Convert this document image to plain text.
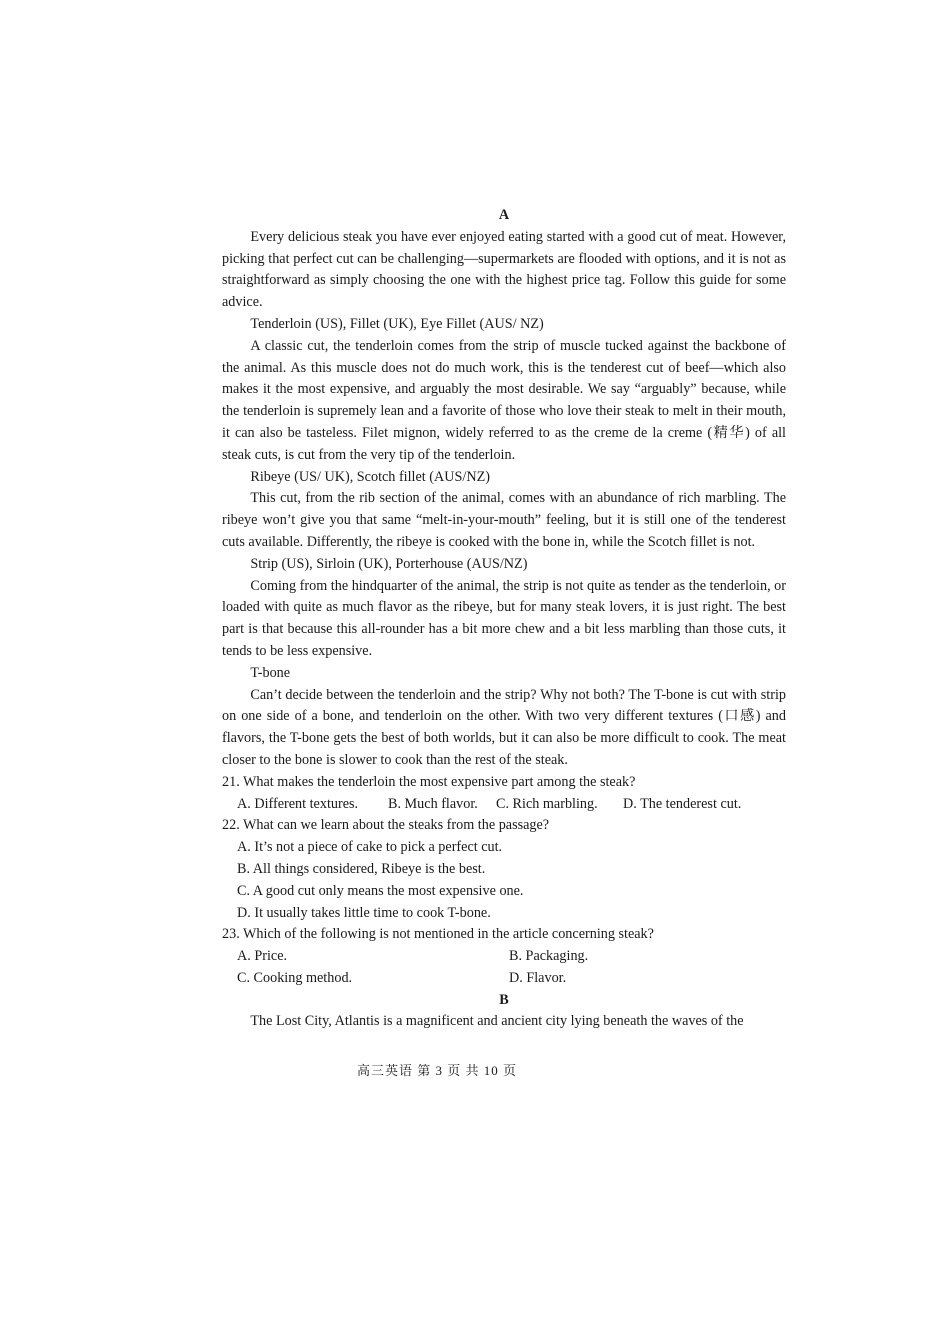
A

Every delicious steak you have ever enjoyed eating started with a good cut of meat. However, picking that perfect cut can be challenging—supermarkets are flooded with options, and it is not as straightforward as simply choosing the one with the highest price tag. Follow this guide for some advice.

Tenderloin (US), Fillet (UK), Eye Fillet (AUS/ NZ)

A classic cut, the tenderloin comes from the strip of muscle tucked against the backbone of the animal. As this muscle does not do much work, this is the tenderest cut of beef—which also makes it the most expensive, and arguably the most desirable. We say “arguably” because, while the tenderloin is supremely lean and a favorite of those who love their steak to melt in their mouth, it can also be tasteless. Filet mignon, widely referred to as the creme de la creme (精华) of all steak cuts, is cut from the very tip of the tenderloin.

Ribeye (US/ UK), Scotch fillet (AUS/NZ)

This cut, from the rib section of the animal, comes with an abundance of rich marbling. The ribeye won’t give you that same “melt-in-your-mouth” feeling, but it is still one of the tenderest cuts available. Differently, the ribeye is cooked with the bone in, while the Scotch fillet is not.

Strip (US), Sirloin (UK), Porterhouse (AUS/NZ)

Coming from the hindquarter of the animal, the strip is not quite as tender as the tenderloin, or loaded with quite as much flavor as the ribeye, but for many steak lovers, it is just right. The best part is that because this all-rounder has a bit more chew and a bit less marbling than those cuts, it tends to be less expensive.

T-bone

Can’t decide between the tenderloin and the strip? Why not both? The T-bone is cut with strip on one side of a bone, and tenderloin on the other. With two very different textures (口感) and flavors, the T-bone gets the best of both worlds, but it can also be more difficult to cook. The meat closer to the bone is slower to cook than the rest of the steak.

21. What makes the tenderloin the most expensive part among the steak?
A. Different textures.	B. Much flavor.	C. Rich marbling.	D. The tenderest cut.
22. What can we learn about the steaks from the passage?

A. It’s not a piece of cake to pick a perfect cut.

B. All things considered, Ribeye is the best.

C. A good cut only means the most expensive one.

D. It usually takes little time to cook T-bone.

23. Which of the following is not mentioned in the article concerning steak?
A. Price.	B. Packaging.
C. Cooking method.	D. Flavor.
B

The Lost City, Atlantis is a magnificent and ancient city lying beneath the waves of the

高三英语 第 3 页 共 10 页
